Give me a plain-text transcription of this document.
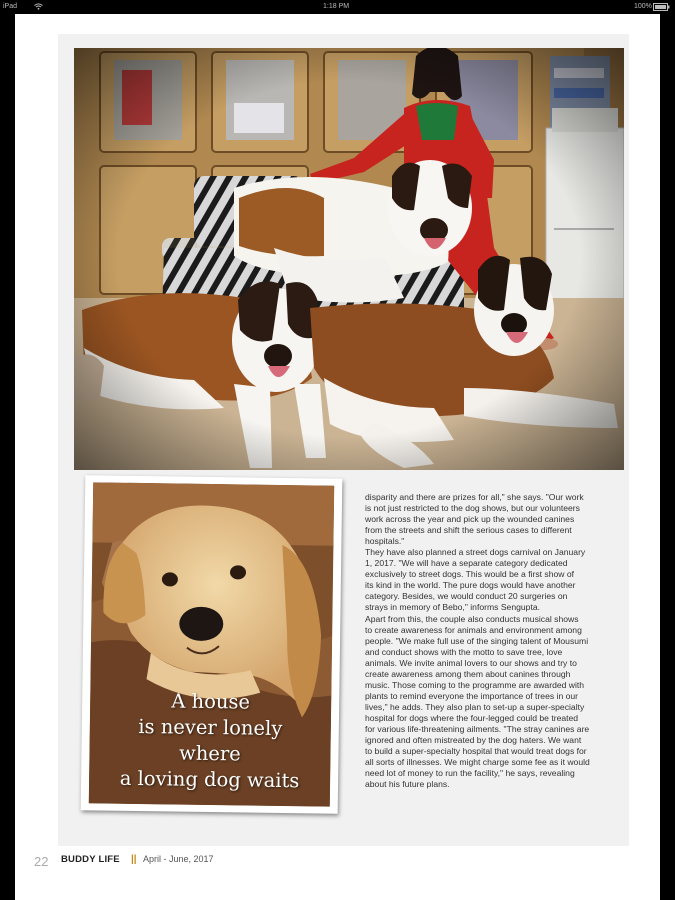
iPad	1:18 PM	100%
A house
is never lonely
where
a loving dog waits
disparity and there are prizes for all," she says. "Our work
is not just restricted to the dog shows, but our volunteers
work across the year and pick up the wounded canines
from the streets and shift the serious cases to different
hospitals."
They have also planned a street dogs carnival on January
1, 2017. "We will have a separate category dedicated
exclusively to street dogs. This would be a first show of
its kind in the world. The pure dogs would have another
category. Besides, we would conduct 20 surgeries on
strays in memory of Bebo," informs Sengupta.
Apart from this, the couple also conducts musical shows
to create awareness for animals and environment among
people. "We make full use of the singing talent of Mousumi
and conduct shows with the motto to save tree, love
animals. We invite animal lovers to our shows and try to
create awareness among them about canines through
music. Those coming to the programme are awarded with
plants to remind everyone the importance of trees in our
lives," he adds. They also plan to set-up a super-specialty
hospital for dogs where the four-legged could be treated
for various life-threatening ailments. "The stray canines are
ignored and often mistreated by the dog haters. We want
to build a super-specialty hospital that would treat dogs for
all sorts of illnesses. We might charge some fee as it would
need lot of money to run the facility," he says, revealing
about his future plans.
22 BUDDY LIFE || April - June, 2017
